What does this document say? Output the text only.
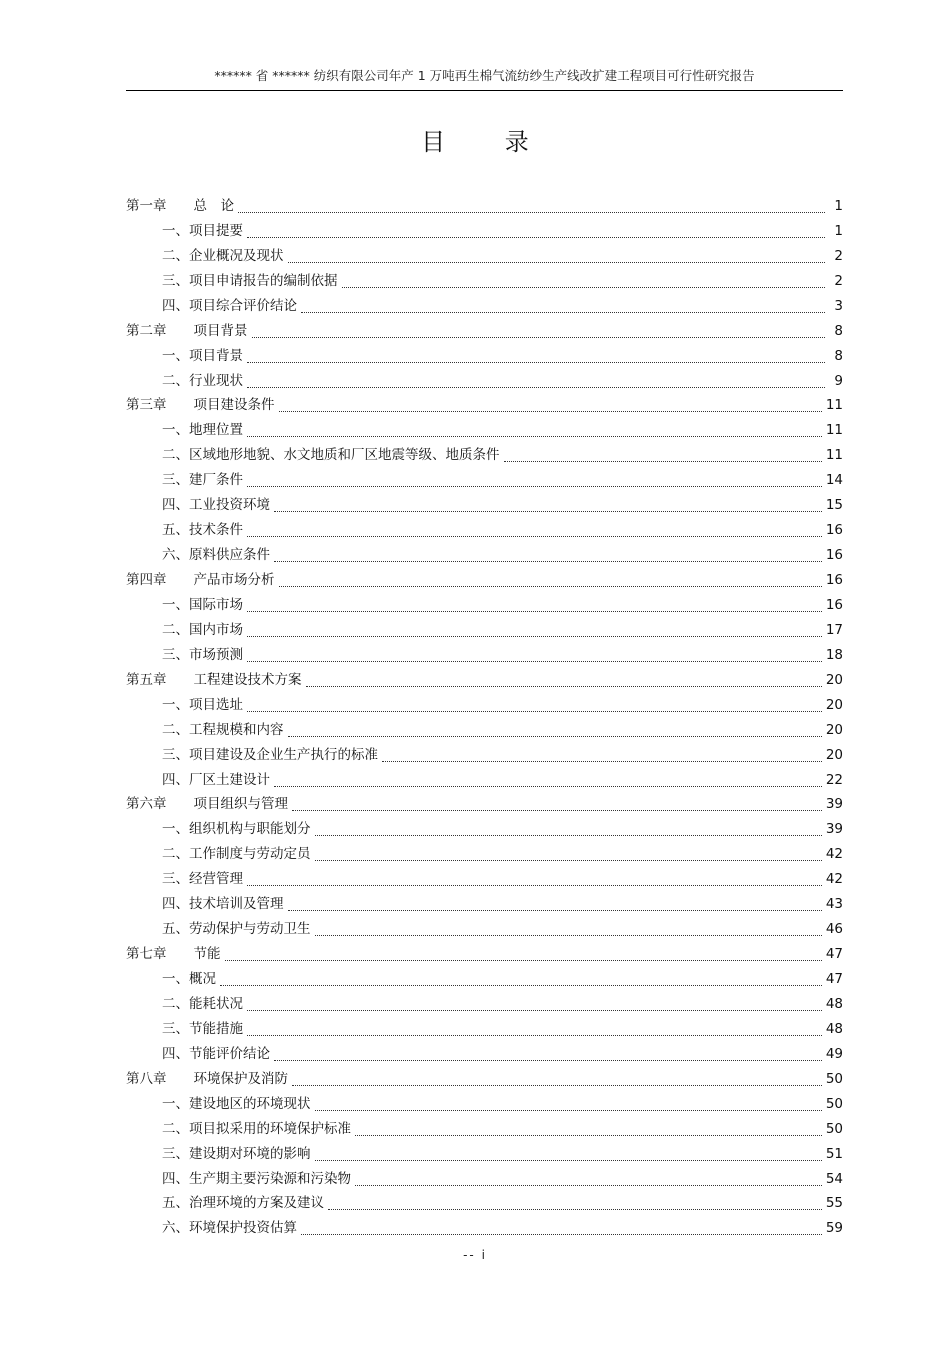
****** 省 ****** 纺织有限公司年产 1 万吨再生棉气流纺纱生产线改扩建工程项目可行性研究报告
目 录
第一章　　总　论	1
一、项目提要	1
二、企业概况及现状	2
三、项目申请报告的编制依据	2
四、项目综合评价结论	3
第二章　　项目背景	8
一、项目背景	8
二、行业现状	9
第三章　　项目建设条件	11
一、地理位置	11
二、区域地形地貌、水文地质和厂区地震等级、地质条件	11
三、建厂条件	14
四、工业投资环境	15
五、技术条件	16
六、原料供应条件	16
第四章　　产品市场分析	16
一、国际市场	16
二、国内市场	17
三、市场预测	18
第五章　　工程建设技术方案	20
一、项目选址	20
二、工程规模和内容	20
三、项目建设及企业生产执行的标准	20
四、厂区土建设计	22
第六章　　项目组织与管理	39
一、组织机构与职能划分	39
二、工作制度与劳动定员	42
三、经营管理	42
四、技术培训及管理	43
五、劳动保护与劳动卫生	46
第七章　　节能	47
一、概况	47
二、能耗状况	48
三、节能措施	48
四、节能评价结论	49
第八章　　环境保护及消防	50
一、建设地区的环境现状	50
二、项目拟采用的环境保护标准	50
三、建设期对环境的影响	51
四、生产期主要污染源和污染物	54
五、治理环境的方案及建议	55
六、环境保护投资估算	59
-- i
